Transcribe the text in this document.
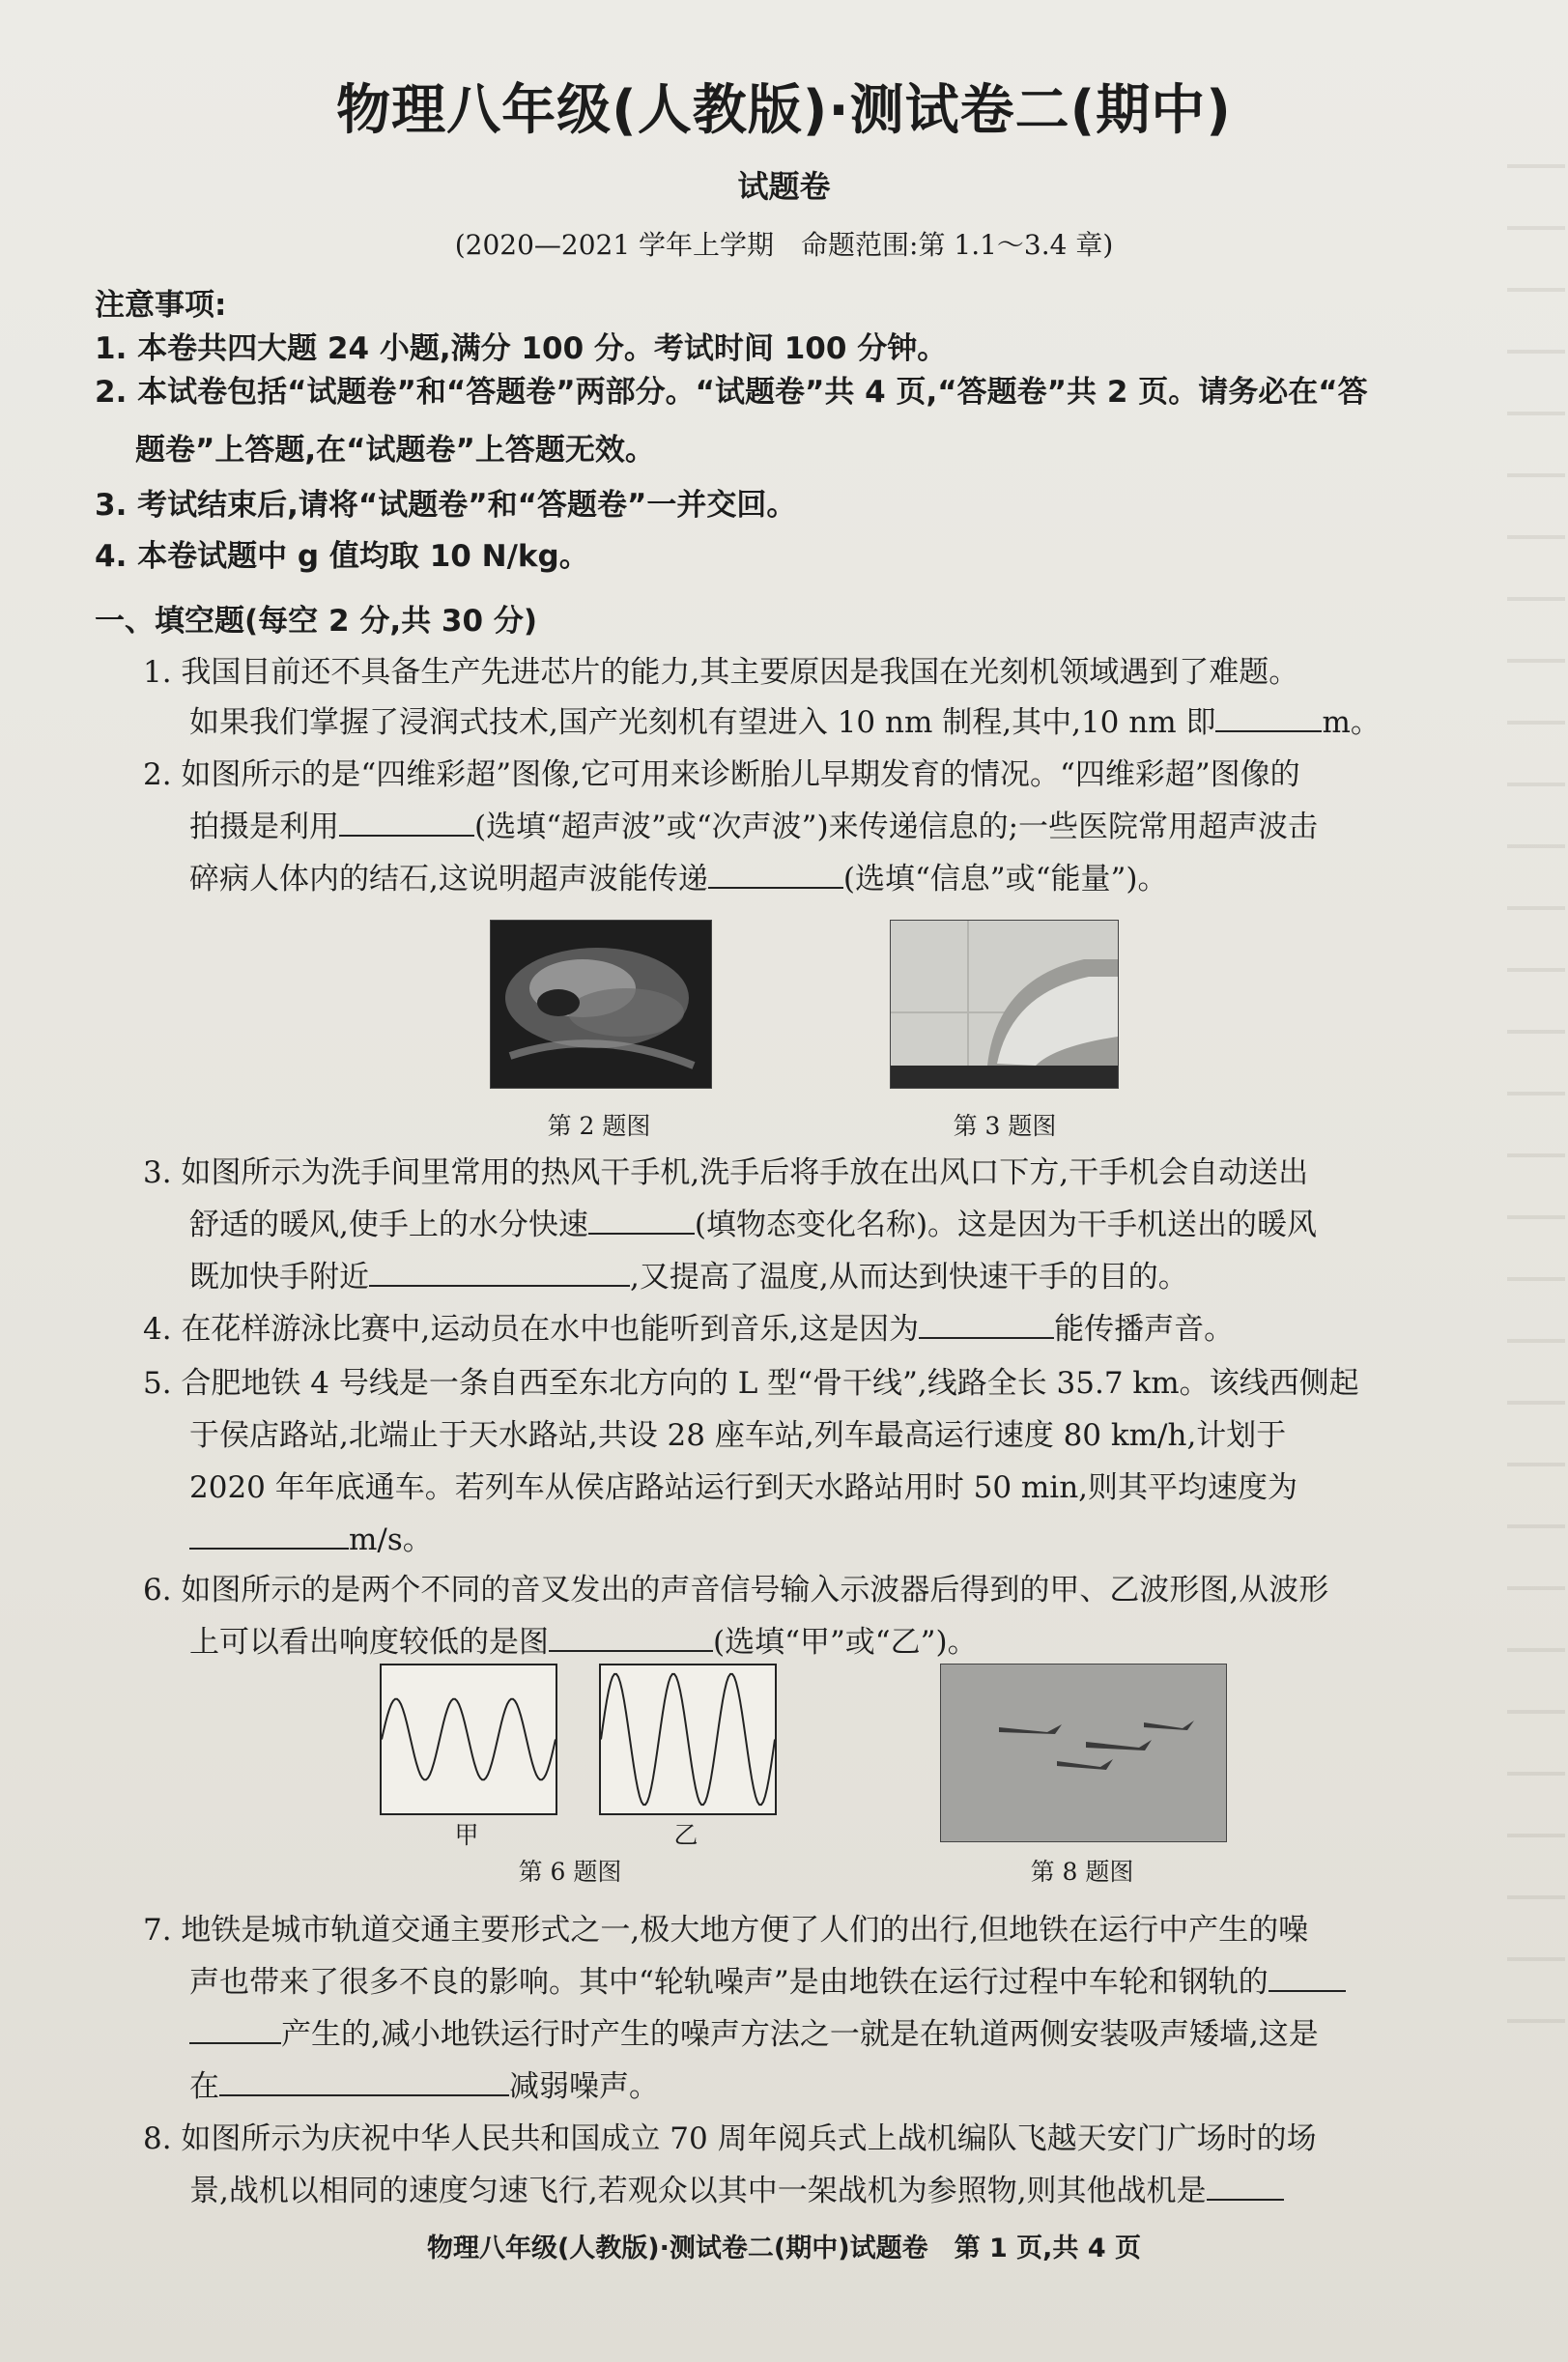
物理八年级(人教版)·测试卷二(期中)
试题卷
(2020—2021 学年上学期　命题范围:第 1.1～3.4 章)
注意事项:
1. 本卷共四大题 24 小题,满分 100 分。考试时间 100 分钟。
2. 本试卷包括“试题卷”和“答题卷”两部分。“试题卷”共 4 页,“答题卷”共 2 页。请务必在“答
题卷”上答题,在“试题卷”上答题无效。
3. 考试结束后,请将“试题卷”和“答题卷”一并交回。
4. 本卷试题中 g 值均取 10 N/kg。
一、填空题(每空 2 分,共 30 分)
1. 我国目前还不具备生产先进芯片的能力,其主要原因是我国在光刻机领域遇到了难题。
如果我们掌握了浸润式技术,国产光刻机有望进入 10 nm 制程,其中,10 nm 即	m。
2. 如图所示的是“四维彩超”图像,它可用来诊断胎儿早期发育的情况。“四维彩超”图像的
拍摄是利用	(选填“超声波”或“次声波”)来传递信息的;一些医院常用超声波击
碎病人体内的结石,这说明超声波能传递	(选填“信息”或“能量”)。
第 2 题图	第 3 题图
3. 如图所示为洗手间里常用的热风干手机,洗手后将手放在出风口下方,干手机会自动送出
舒适的暖风,使手上的水分快速	(填物态变化名称)。这是因为干手机送出的暖风
既加快手附近	,又提高了温度,从而达到快速干手的目的。
4. 在花样游泳比赛中,运动员在水中也能听到音乐,这是因为	能传播声音。
5. 合肥地铁 4 号线是一条自西至东北方向的 L 型“骨干线”,线路全长 35.7 km。该线西侧起
于侯店路站,北端止于天水路站,共设 28 座车站,列车最高运行速度 80 km/h,计划于
2020 年年底通车。若列车从侯店路站运行到天水路站用时 50 min,则其平均速度为
m/s。
6. 如图所示的是两个不同的音叉发出的声音信号输入示波器后得到的甲、乙波形图,从波形
上可以看出响度较低的是图	(选填“甲”或“乙”)。
甲	乙
第 6 题图	第 8 题图
7. 地铁是城市轨道交通主要形式之一,极大地方便了人们的出行,但地铁在运行中产生的噪
声也带来了很多不良的影响。其中“轮轨噪声”是由地铁在运行过程中车轮和钢轨的
产生的,减小地铁运行时产生的噪声方法之一就是在轨道两侧安装吸声矮墙,这是
在	减弱噪声。
8. 如图所示为庆祝中华人民共和国成立 70 周年阅兵式上战机编队飞越天安门广场时的场
景,战机以相同的速度匀速飞行,若观众以其中一架战机为参照物,则其他战机是
物理八年级(人教版)·测试卷二(期中)试题卷　第 1 页,共 4 页
